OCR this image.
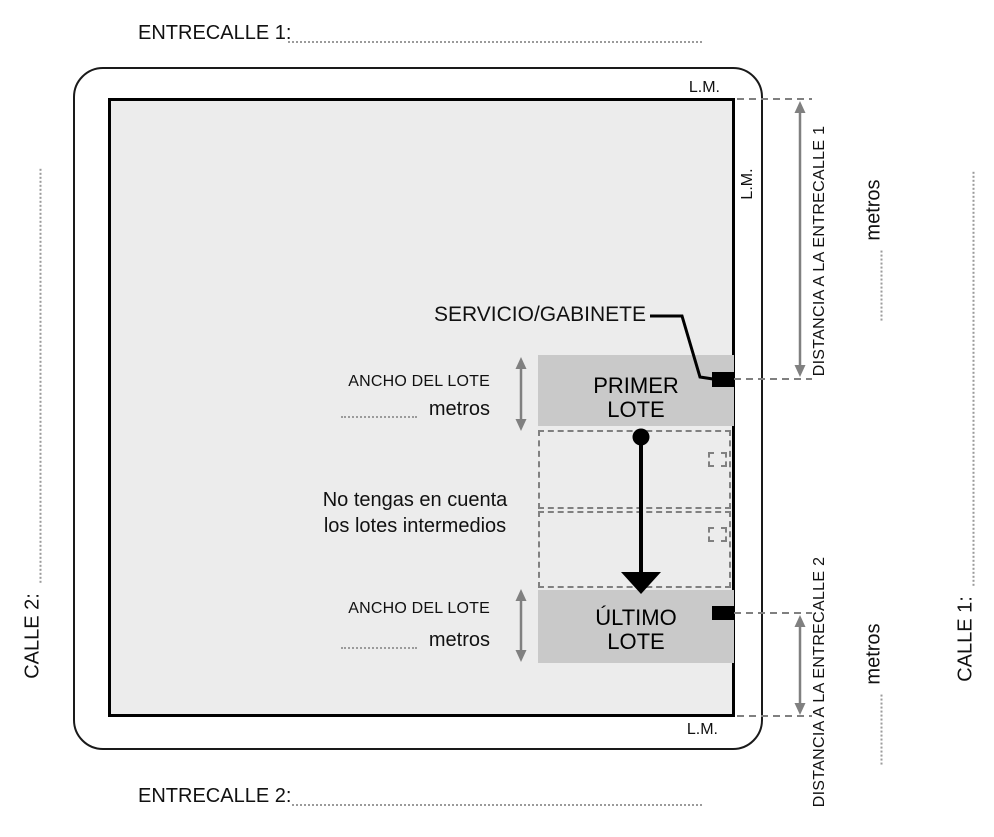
ENTRECALLE 1:
L.M.
L.M.
L.M.
PRIMER
LOTE
ÚLTIMO
LOTE
SERVICIO/GABINETE
ANCHO DEL LOTE
metros
ANCHO DEL LOTE
metros
No tengas en cuenta
los lotes intermedios
DISTANCIA A LA ENTRECALLE 1 metros
DISTANCIA A LA ENTRECALLE 2 metros
CALLE 2:	CALLE 1:
ENTRECALLE 2:
